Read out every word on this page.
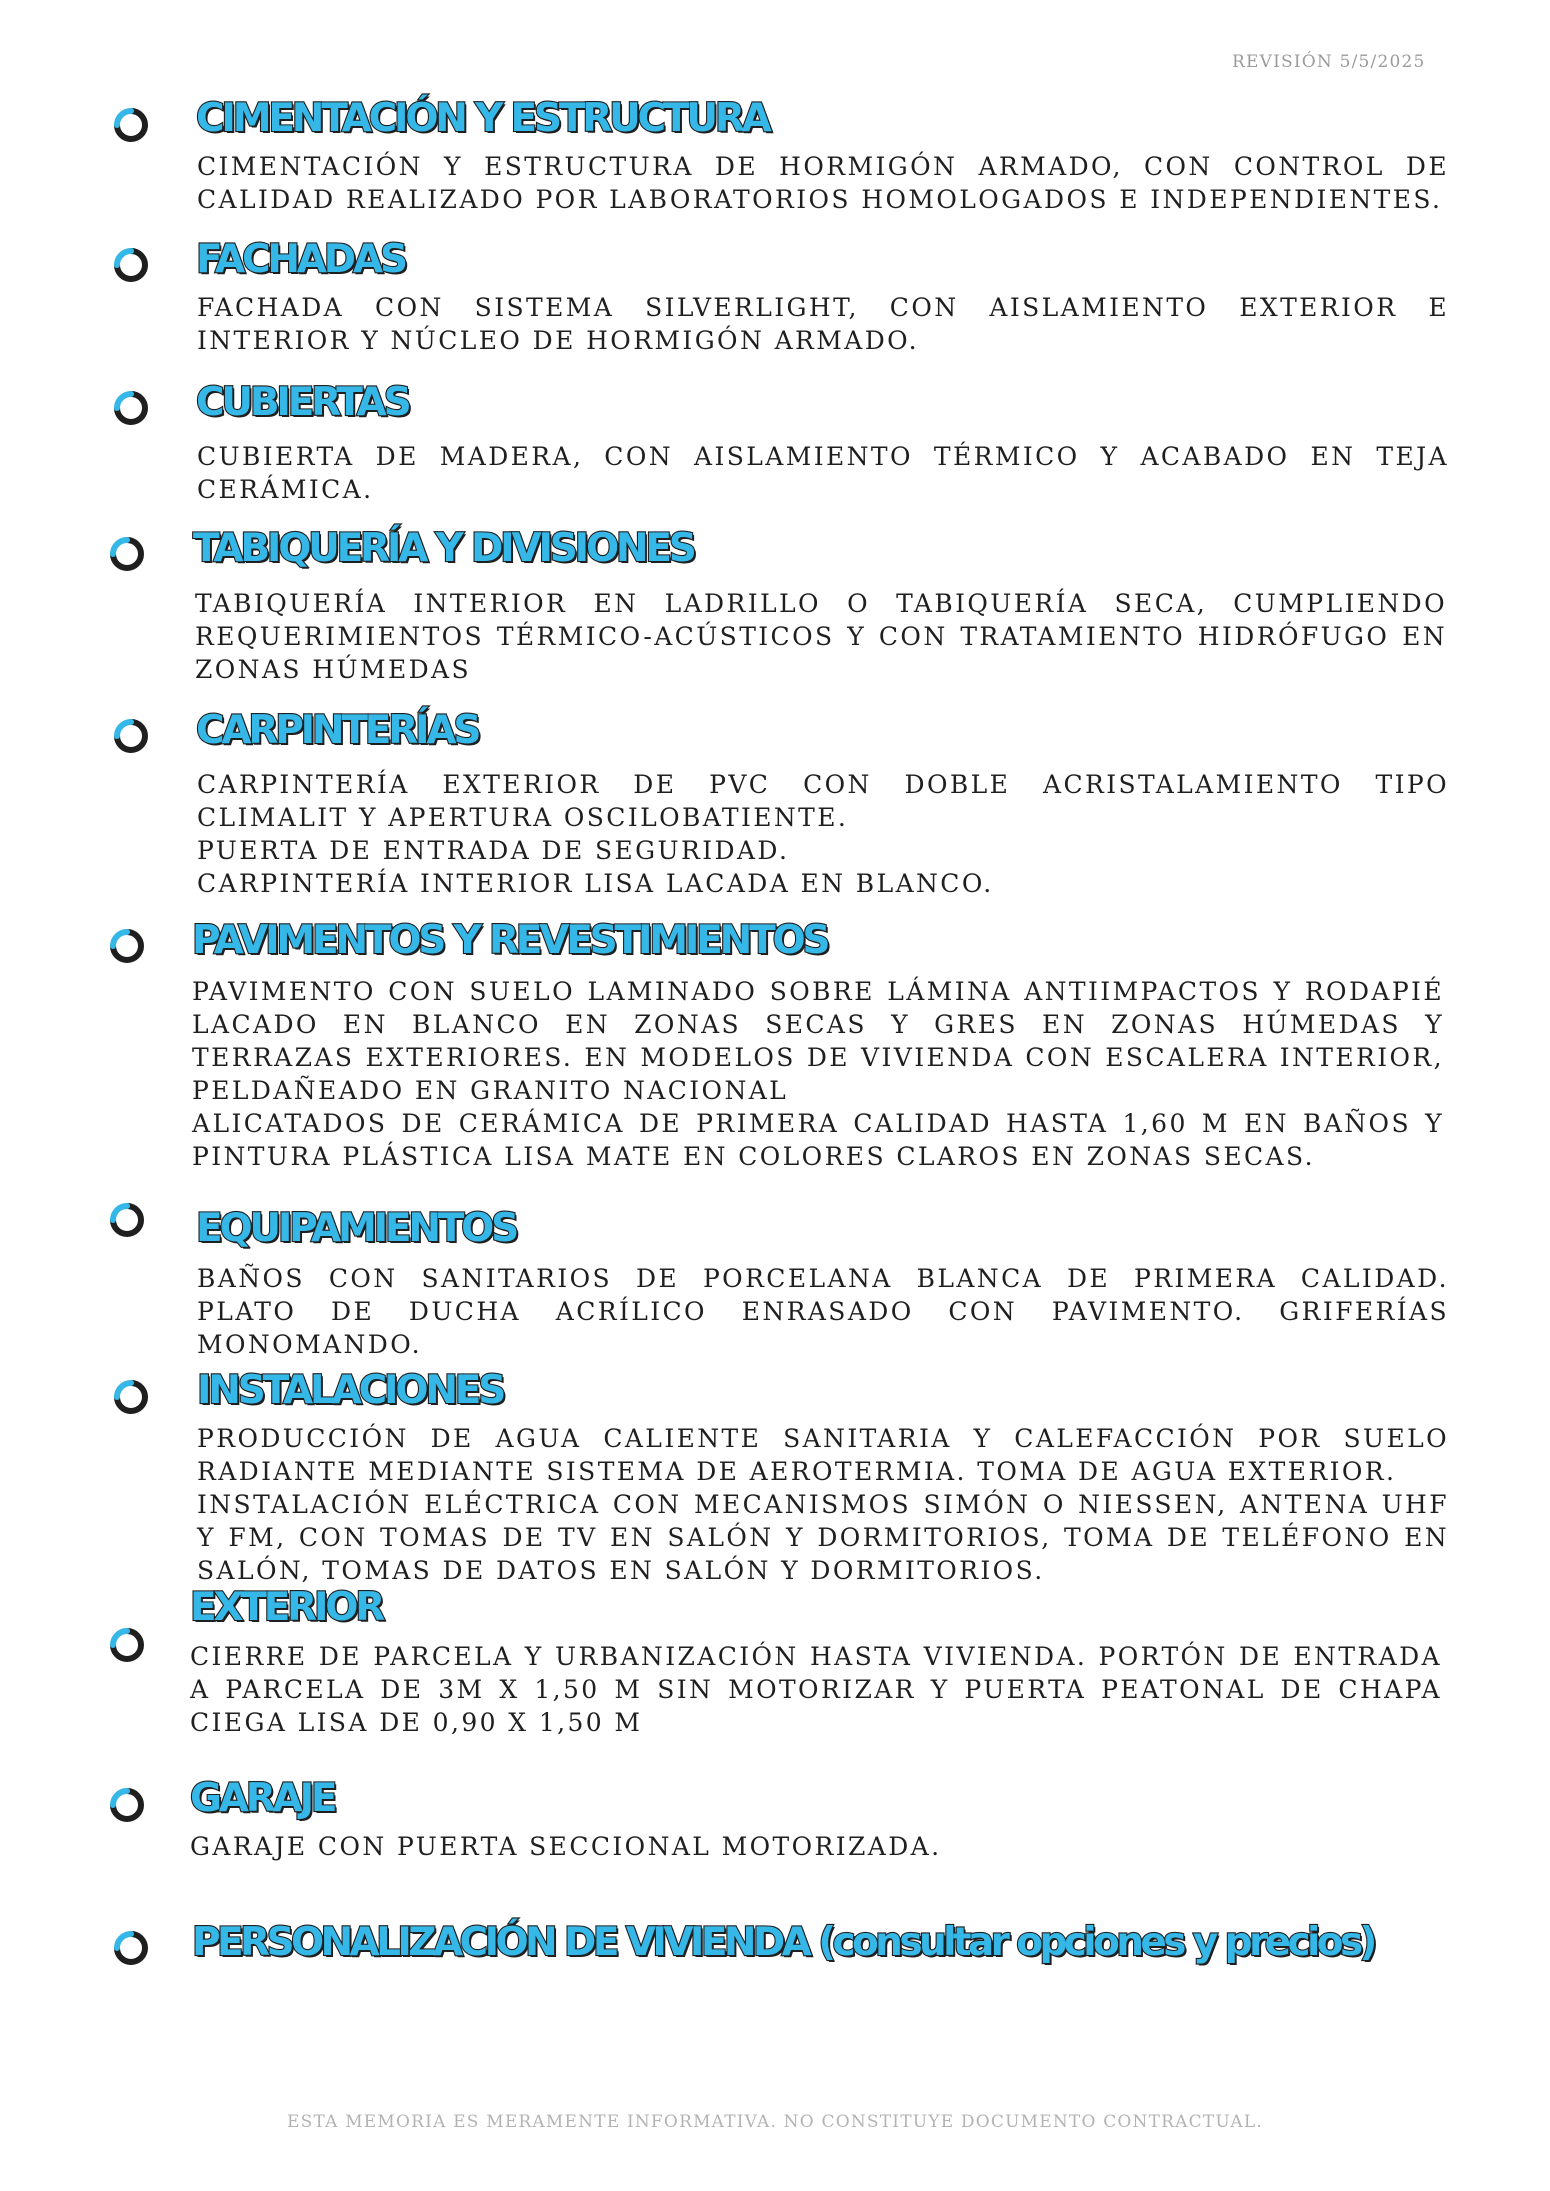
REVISIÓN 5/5/2025
CIMENTACIÓN Y ESTRUCTURA

CIMENTACIÓN Y ESTRUCTURA DE HORMIGÓN ARMADO, CON CONTROL DE CALIDAD REALIZADO POR LABORATORIOS HOMOLOGADOS E INDEPENDIENTES.

FACHADAS

FACHADA CON SISTEMA SILVERLIGHT, CON AISLAMIENTO EXTERIOR E INTERIOR Y NÚCLEO DE HORMIGÓN ARMADO.

CUBIERTAS

CUBIERTA DE MADERA, CON AISLAMIENTO TÉRMICO Y ACABADO EN TEJA CERÁMICA.

TABIQUERÍA Y DIVISIONES

TABIQUERÍA INTERIOR EN LADRILLO O TABIQUERÍA SECA, CUMPLIENDO REQUERIMIENTOS TÉRMICO-ACÚSTICOS Y CON TRATAMIENTO HIDRÓFUGO EN ZONAS HÚMEDAS

CARPINTERÍAS

CARPINTERÍA EXTERIOR DE PVC CON DOBLE ACRISTALAMIENTO TIPO CLIMALIT Y APERTURA OSCILOBATIENTE.

PUERTA DE ENTRADA DE SEGURIDAD.

CARPINTERÍA INTERIOR LISA LACADA EN BLANCO.

PAVIMENTOS Y REVESTIMIENTOS

PAVIMENTO CON SUELO LAMINADO SOBRE LÁMINA ANTIIMPACTOS Y RODAPIÉ LACADO EN BLANCO EN ZONAS SECAS Y GRES EN ZONAS HÚMEDAS Y TERRAZAS EXTERIORES. EN MODELOS DE VIVIENDA CON ESCALERA INTERIOR, PELDAÑEADO EN GRANITO NACIONAL

ALICATADOS DE CERÁMICA DE PRIMERA CALIDAD HASTA 1,60 M EN BAÑOS Y PINTURA PLÁSTICA LISA MATE EN COLORES CLAROS EN ZONAS SECAS.

EQUIPAMIENTOS

BAÑOS CON SANITARIOS DE PORCELANA BLANCA DE PRIMERA CALIDAD. PLATO DE DUCHA ACRÍLICO ENRASADO CON PAVIMENTO. GRIFERÍAS MONOMANDO.

INSTALACIONES

PRODUCCIÓN DE AGUA CALIENTE SANITARIA Y CALEFACCIÓN POR SUELO RADIANTE MEDIANTE SISTEMA DE AEROTERMIA. TOMA DE AGUA EXTERIOR.

INSTALACIÓN ELÉCTRICA CON MECANISMOS SIMÓN O NIESSEN, ANTENA UHF Y FM, CON TOMAS DE TV EN SALÓN Y DORMITORIOS, TOMA DE TELÉFONO EN SALÓN, TOMAS DE DATOS EN SALÓN Y DORMITORIOS.

EXTERIOR

CIERRE DE PARCELA Y URBANIZACIÓN HASTA VIVIENDA. PORTÓN DE ENTRADA A PARCELA DE 3M X 1,50 M SIN MOTORIZAR Y PUERTA PEATONAL DE CHAPA CIEGA LISA DE 0,90 X 1,50 M

GARAJE

GARAJE CON PUERTA SECCIONAL MOTORIZADA.

PERSONALIZACIÓN DE VIVIENDA (consultar opciones y precios)
ESTA MEMORIA ES MERAMENTE INFORMATIVA. NO CONSTITUYE DOCUMENTO CONTRACTUAL.
